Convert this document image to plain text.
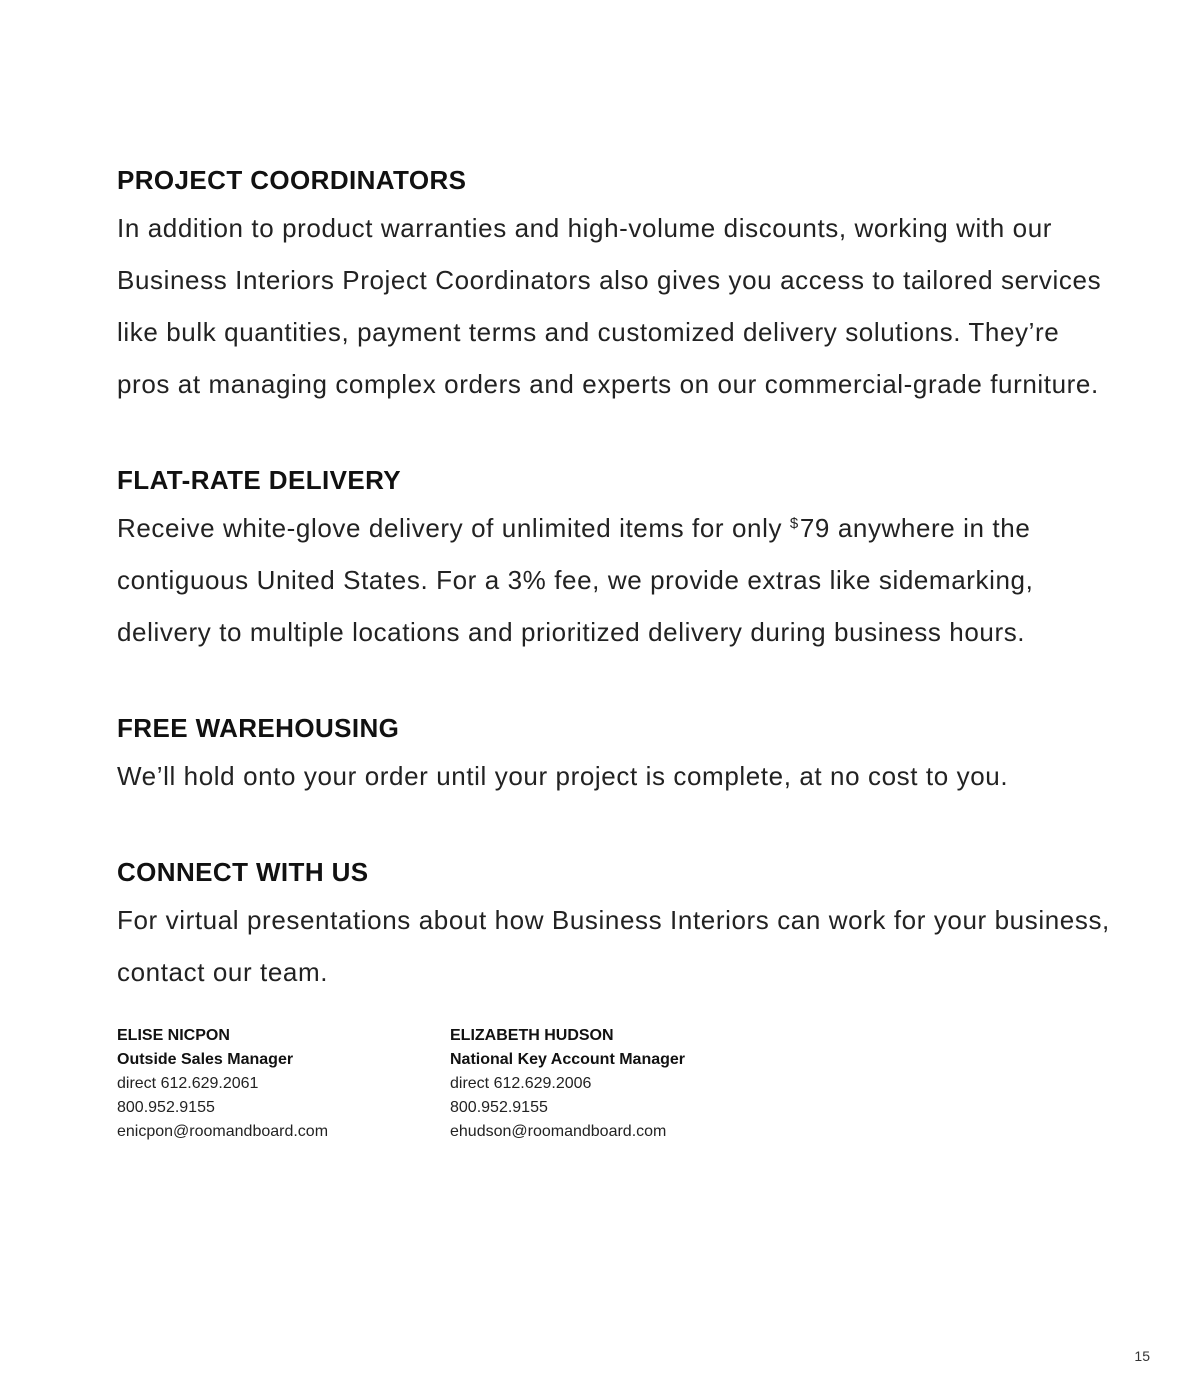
PROJECT COORDINATORS

In addition to product warranties and high-volume discounts, working with our Business Interiors Project Coordinators also gives you access to tailored services like bulk quantities, payment terms and customized delivery solutions. They’re pros at managing complex orders and experts on our commercial-grade furniture.

FLAT-RATE DELIVERY

Receive white-glove delivery of unlimited items for only $79 anywhere in the contiguous United States. For a 3% fee, we provide extras like sidemarking, delivery to multiple locations and prioritized delivery during business hours.

FREE WAREHOUSING

We’ll hold onto your order until your project is complete, at no cost to you.

CONNECT WITH US

For virtual presentations about how Business Interiors can work for your business, contact our team.

ELISE NICPON
Outside Sales Manager
direct 612.629.2061
800.952.9155
enicpon@roomandboard.com
ELIZABETH HUDSON
National Key Account Manager
direct 612.629.2006
800.952.9155
ehudson@roomandboard.com
15
